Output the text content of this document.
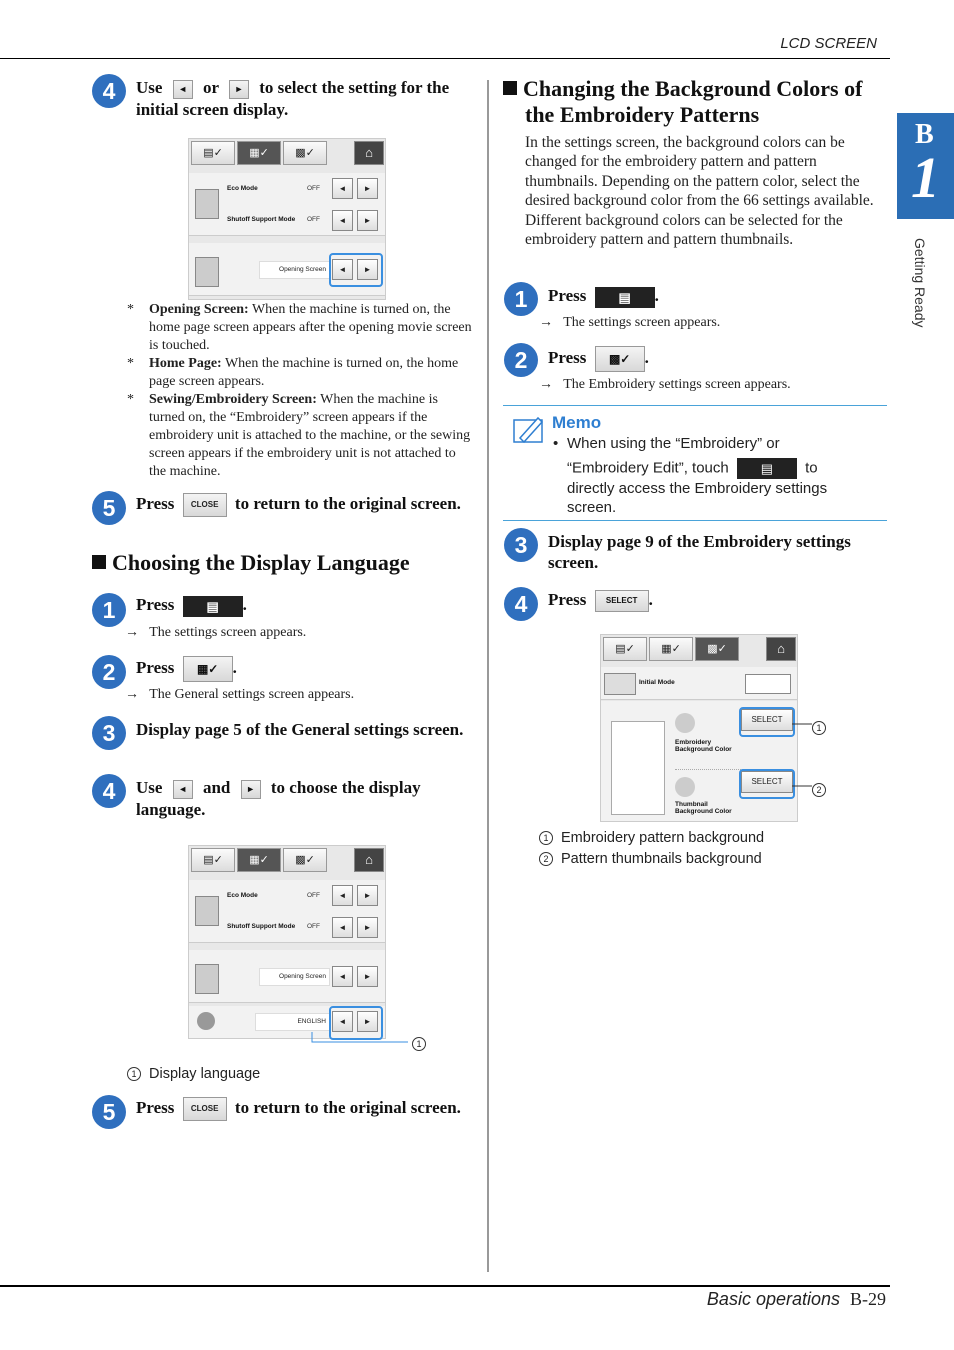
LCD SCREEN
Basic operations B-29
B
1
Getting Ready
4	Use ◄ or ► to select the setting for the initial screen display.
▤✓	▦✓	▩✓	⌂
Eco Mode	OFF	◄	►
Shutoff Support Mode OFF	◄	►
Opening Screen	◄	►
* Opening Screen: When the machine is turned on, the home page screen appears after the opening movie screen is touched.
* Home Page: When the machine is turned on, the home page screen appears.
* Sewing/Embroidery Screen: When the machine is turned on, the “Embroidery” screen appears if the embroidery unit is attached to the machine, or the sewing screen appears if the embroidery unit is not attached to the machine.
5	Press CLOSE to return to the original screen.
Choosing the Display Language
1	Press ▤ .
→   The settings screen appears.
2	Press ▦✓ .
→   The General settings screen appears.
3	Display page 5 of the General settings screen.
4	Use ◄ and ► to choose the display language.
▤✓	▦✓	▩✓	⌂
Eco Mode	OFF	◄	►
Shutoff Support Mode OFF	◄	►
Opening Screen	◄	►
ENGLISH	◄	►
1
1 Display language
5	Press CLOSE to return to the original screen.
Changing the Background Colors of
the Embroidery Patterns
In the settings screen, the background colors can be changed for the embroidery pattern and pattern thumbnails. Depending on the pattern color, select the desired background color from the 66 settings available. Different background colors can be selected for the embroidery pattern and pattern thumbnails.
1	Press ▤ .
→   The settings screen appears.
2	Press ▩✓ .
→   The Embroidery settings screen appears.
Memo
• When using the “Embroidery” or
“Embroidery Edit”, touch ▤ to
directly access the Embroidery settings screen.
3	Display page 9 of the Embroidery settings screen.
4	Press SELECT .
▤✓	▦✓	▩✓	⌂
Initial Mode
Embroidery Background Color
SELECT
Thumbnail Background Color
SELECT
1
2
1 Embroidery pattern background
2 Pattern thumbnails background
